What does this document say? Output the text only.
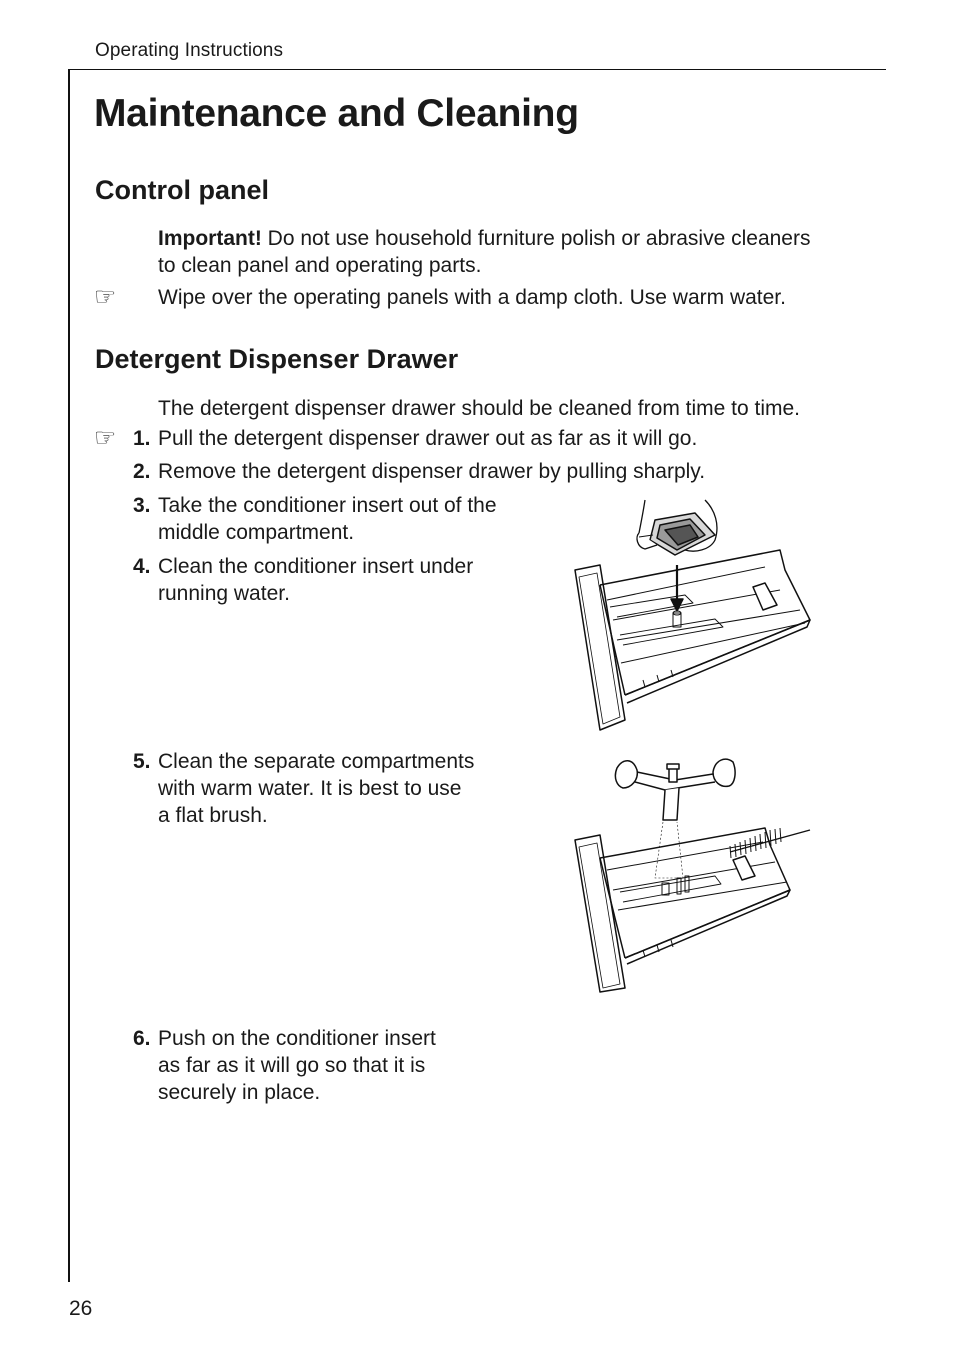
Operating Instructions
Maintenance and Cleaning
Control panel

Important! Do not use household furniture polish or abrasive cleaners
to clean panel and operating parts.

☞ Wipe over the operating panels with a damp cloth. Use warm water.

Detergent Dispenser Drawer

The detergent dispenser drawer should be cleaned from time to time.

☞ 1. Pull the detergent dispenser drawer out as far as it will go.

2. Remove the detergent dispenser drawer by pulling sharply.

3. Take the conditioner insert out of the
middle compartment.

4. Clean the conditioner insert under
running water.

5. Clean the separate compartments
with warm water. It is best to use
a flat brush.

6. Push on the conditioner insert
as far as it will go so that it is
securely in place.

26
